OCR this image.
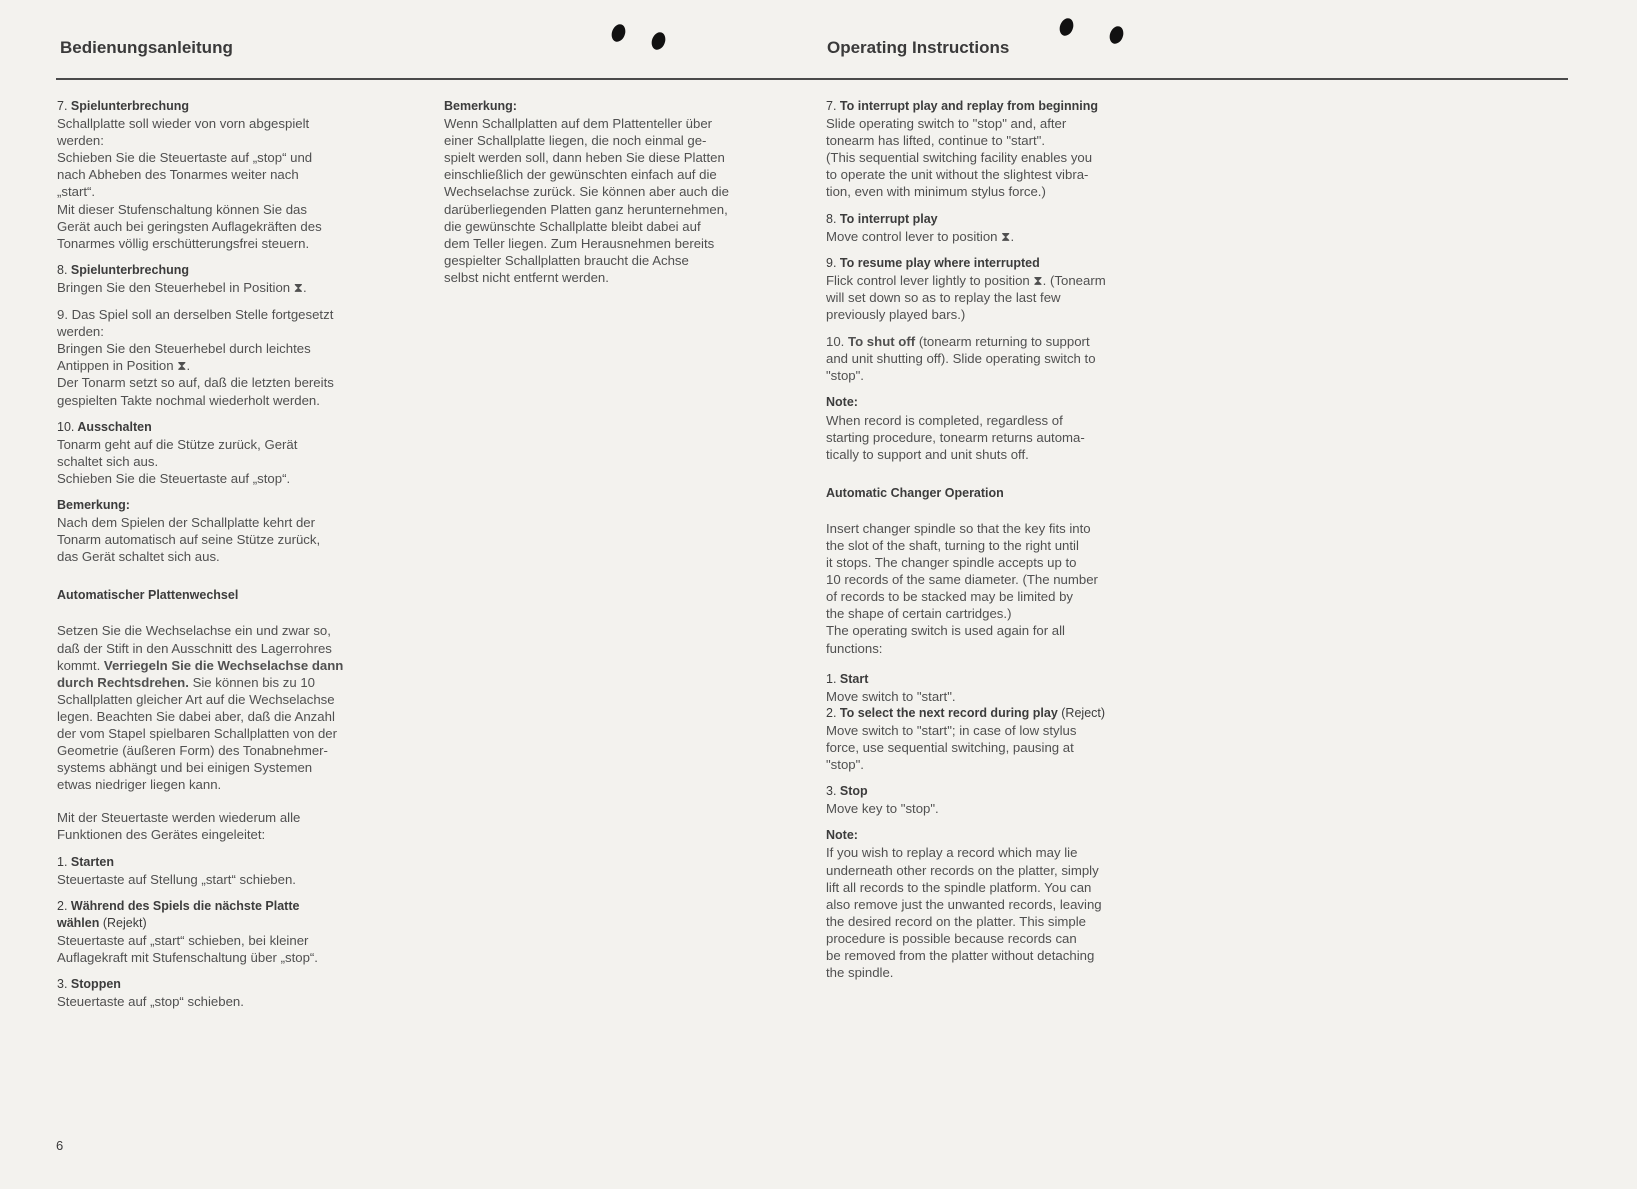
Bedienungsanleitung	Operating Instructions
7. Spielunterbrechung

Schallplatte soll wieder von vorn abgespielt
werden:
Schieben Sie die Steuertaste auf „stop“ und
nach Abheben des Tonarmes weiter nach
„start“.
Mit dieser Stufenschaltung können Sie das
Gerät auch bei geringsten Auflagekräften des
Tonarmes völlig erschütterungsfrei steuern.

8. Spielunterbrechung

Bringen Sie den Steuerhebel in Position ⧗.

9. Das Spiel soll an derselben Stelle fortgesetzt
werden:
Bringen Sie den Steuerhebel durch leichtes
Antippen in Position ⧗.
Der Tonarm setzt so auf, daß die letzten bereits
gespielten Takte nochmal wiederholt werden.

10. Ausschalten

Tonarm geht auf die Stütze zurück, Gerät
schaltet sich aus.
Schieben Sie die Steuertaste auf „stop“.

Bemerkung:

Nach dem Spielen der Schallplatte kehrt der
Tonarm automatisch auf seine Stütze zurück,
das Gerät schaltet sich aus.

Automatischer Plattenwechsel

Setzen Sie die Wechselachse ein und zwar so,
daß der Stift in den Ausschnitt des Lagerrohres
kommt. Verriegeln Sie die Wechselachse dann
durch Rechtsdrehen. Sie können bis zu 10
Schallplatten gleicher Art auf die Wechselachse
legen. Beachten Sie dabei aber, daß die Anzahl
der vom Stapel spielbaren Schallplatten von der
Geometrie (äußeren Form) des Tonabnehmer-
systems abhängt und bei einigen Systemen
etwas niedriger liegen kann.

Mit der Steuertaste werden wiederum alle
Funktionen des Gerätes eingeleitet:

1. Starten

Steuertaste auf Stellung „start“ schieben.

2. Während des Spiels die nächste Platte
wählen (Rejekt)

Steuertaste auf „start“ schieben, bei kleiner
Auflagekraft mit Stufenschaltung über „stop“.

3. Stoppen

Steuertaste auf „stop“ schieben.

Bemerkung:

Wenn Schallplatten auf dem Plattenteller über
einer Schallplatte liegen, die noch einmal ge-
spielt werden soll, dann heben Sie diese Platten
einschließlich der gewünschten einfach auf die
Wechselachse zurück. Sie können aber auch die
darüberliegenden Platten ganz herunternehmen,
die gewünschte Schallplatte bleibt dabei auf
dem Teller liegen. Zum Herausnehmen bereits
gespielter Schallplatten braucht die Achse
selbst nicht entfernt werden.

7. To interrupt play and replay from beginning

Slide operating switch to "stop" and, after
tonearm has lifted, continue to "start".
(This sequential switching facility enables you
to operate the unit without the slightest vibra-
tion, even with minimum stylus force.)

8. To interrupt play

Move control lever to position ⧗.

9. To resume play where interrupted

Flick control lever lightly to position ⧗. (Tonearm
will set down so as to replay the last few
previously played bars.)

10. To shut off (tonearm returning to support
and unit shutting off). Slide operating switch to
"stop".

Note:

When record is completed, regardless of
starting procedure, tonearm returns automa-
tically to support and unit shuts off.

Automatic Changer Operation

Insert changer spindle so that the key fits into
the slot of the shaft, turning to the right until
it stops. The changer spindle accepts up to
10 records of the same diameter. (The number
of records to be stacked may be limited by
the shape of certain cartridges.)
The operating switch is used again for all
functions:

1. Start

Move switch to "start".

2. To select the next record during play (Reject)

Move switch to "start"; in case of low stylus
force, use sequential switching, pausing at
"stop".

3. Stop

Move key to "stop".

Note:

If you wish to replay a record which may lie
underneath other records on the platter, simply
lift all records to the spindle platform. You can
also remove just the unwanted records, leaving
the desired record on the platter. This simple
procedure is possible because records can
be removed from the platter without detaching
the spindle.

6
